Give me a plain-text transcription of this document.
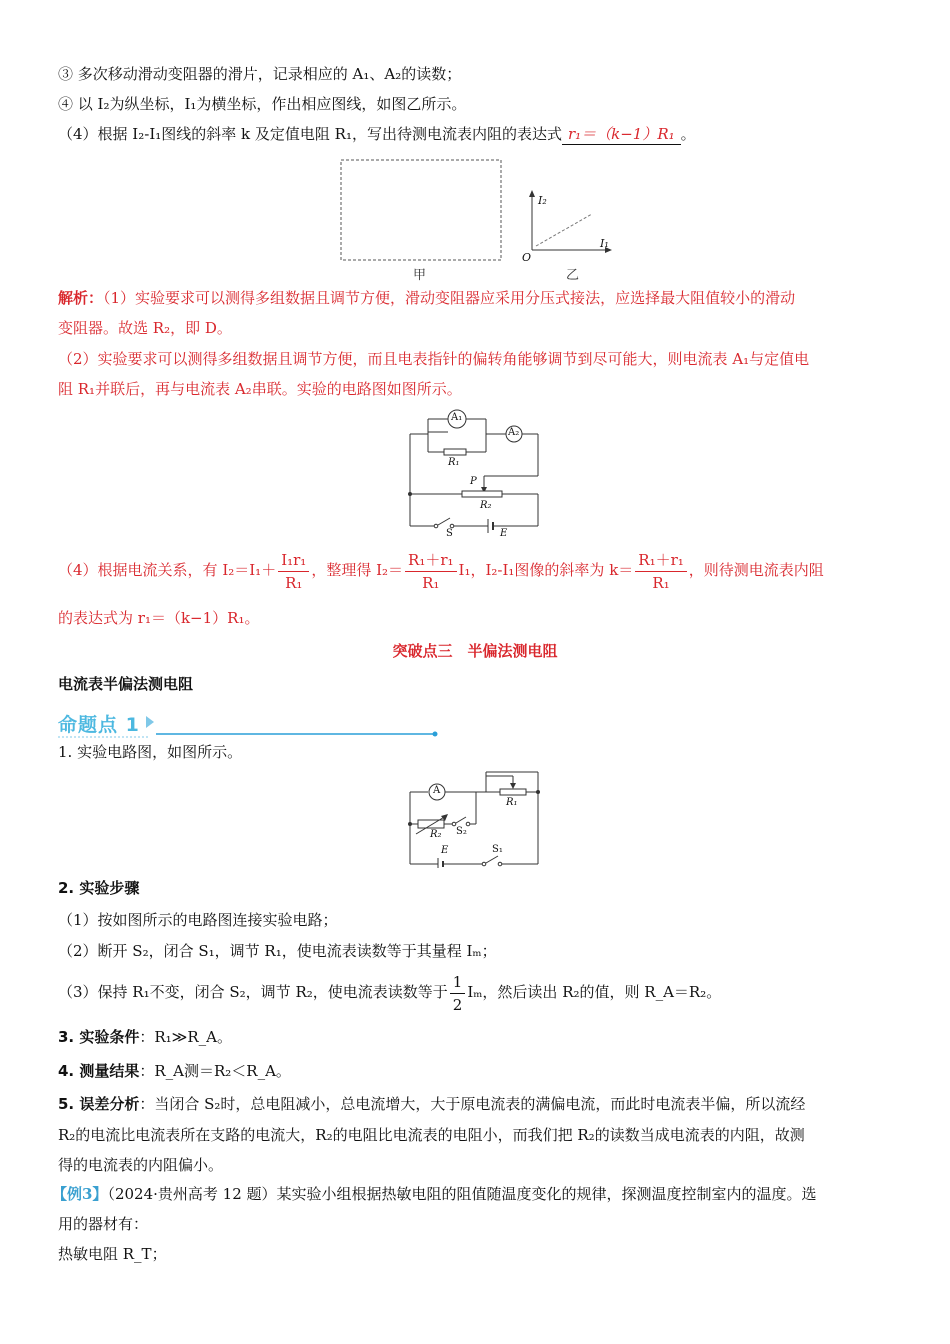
③ 多次移动滑动变阻器的滑片，记录相应的 A₁、A₂的读数；
④ 以 I₂为纵坐标，I₁为横坐标，作出相应图线，如图乙所示。
（4）根据 I₂-I₁图线的斜率 k 及定值电阻 R₁，写出待测电流表内阻的表达式 r₁＝（k−1）R₁ 。
甲
I₂
I₁
O
乙
解析：（1）实验要求可以测得多组数据且调节方便，滑动变阻器应采用分压式接法，应选择最大阻值较小的滑动
变阻器。故选 R₂，即 D。
（2）实验要求可以测得多组数据且调节方便，而且电表指针的偏转角能够调节到尽可能大，则电流表 A₁与定值电
阻 R₁并联后，再与电流表 A₂串联。实验的电路图如图所示。
A₁
A₂
R₁
P
R₂
S	E
（4）根据电流关系，有 $I_2=I_1+ \frac{\text{I₁r₁}}{\text{R₁}}$ ，整理得 $I_2= \frac{\text{R₁＋r₁}}{\text{R₁}} I_1$，I₂-I₁图像的斜率为 $k= \frac{\text{R₁＋r₁}}{\text{R₁}}$ ，则待测电流表内阻
的表达式为 r₁＝（k−1）R₁。
突破点三　半偏法测电阻
电流表半偏法测电阻
命题点 1
1. 实验电路图，如图所示。
A
R₁
R₂ S₂
E	S₁
2. 实验步骤
（1）按如图所示的电路图连接实验电路；
（2）断开 S₂，闭合 S₁，调节 R₁，使电流表读数等于其量程 Iₘ；
（3）保持 R₁不变，闭合 S₂，调节 R₂，使电流表读数等于 $\frac{1}{2}$ Iₘ，然后读出 R₂的值，则 R_A＝R₂。
3. 实验条件：R₁≫R_A。
4. 测量结果：R_A测＝R₂＜R_A。
5. 误差分析：当闭合 S₂时，总电阻减小，总电流增大，大于原电流表的满偏电流，而此时电流表半偏，所以流经
R₂的电流比电流表所在支路的电流大，R₂的电阻比电流表的电阻小，而我们把 R₂的读数当成电流表的内阻，故测
得的电流表的内阻偏小。
【例3】（2024·贵州高考 12 题）某实验小组根据热敏电阻的阻值随温度变化的规律，探测温度控制室内的温度。选
用的器材有：
热敏电阻 R_T；
